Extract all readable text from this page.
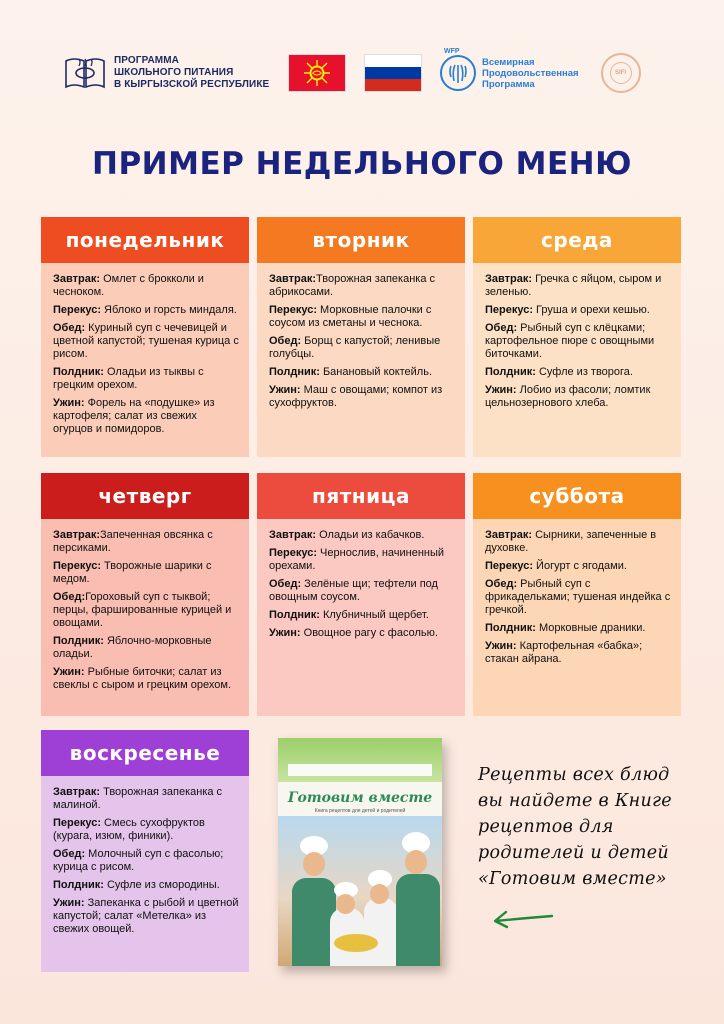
ПРОГРАММА
ШКОЛЬНОГО ПИТАНИЯ
В КЫРГЫЗСКОЙ РЕСПУБЛИКЕ
WFP
Всемирная
Продовольственная
Программа
SIFI
ПРИМЕР НЕДЕЛЬНОГО МЕНЮ
понедельник
Завтрак: Омлет с брокколи и чесноком.
Перекус: Яблоко и горсть миндаля.
Обед: Куриный суп с чечевицей и цветной капустой; тушеная курица с рисом.
Полдник: Оладьи из тыквы с грецким орехом.
Ужин: Форель на «подушке» из картофеля; салат из свежих огурцов и помидоров.
вторник
Завтрак:Творожная запеканка с абрикосами.
Перекус: Морковные палочки с соусом из сметаны и чеснока.
Обед: Борщ с капустой; ленивые голубцы.
Полдник: Банановый коктейль.
Ужин: Маш с овощами; компот из сухофруктов.
среда
Завтрак: Гречка с яйцом, сыром и зеленью.
Перекус: Груша и орехи кешью.
Обед: Рыбный суп с клёцками; картофельное пюре с овощными биточками.
Полдник: Суфле из творога.
Ужин: Лобио из фасоли; ломтик цельнозернового хлеба.
четверг
Завтрак:Запеченная овсянка с персиками.
Перекус: Творожные шарики с медом.
Обед:Гороховый суп с тыквой; перцы, фаршированные курицей и овощами.
Полдник: Яблочно-морковные оладьи.
Ужин: Рыбные биточки; салат из свеклы с сыром и грецким орехом.
пятница
Завтрак: Оладьи из кабачков.
Перекус: Чернослив, начиненный орехами.
Обед: Зелёные щи; тефтели под овощным соусом.
Полдник: Клубничный щербет.
Ужин: Овощное рагу с фасолью.
суббота
Завтрак: Сырники, запеченные в духовке.
Перекус: Йогурт с ягодами.
Обед: Рыбный суп с фрикадельками; тушеная индейка с гречкой.
Полдник: Морковные драники.
Ужин: Картофельная «бабка»; стакан айрана.
воскресенье
Завтрак: Творожная запеканка с малиной.
Перекус: Смесь сухофруктов (курага, изюм, финики).
Обед: Молочный суп с фасолью; курица с рисом.
Полдник: Суфле из смородины.
Ужин: Запеканка с рыбой и цветной капустой; салат «Метелка» из свежих овощей.
Готовим вместе
Книга рецептов для детей и родителей
Рецепты всех блюд
вы найдете в Книге
рецептов для
родителей и детей
«Готовим вместе»
